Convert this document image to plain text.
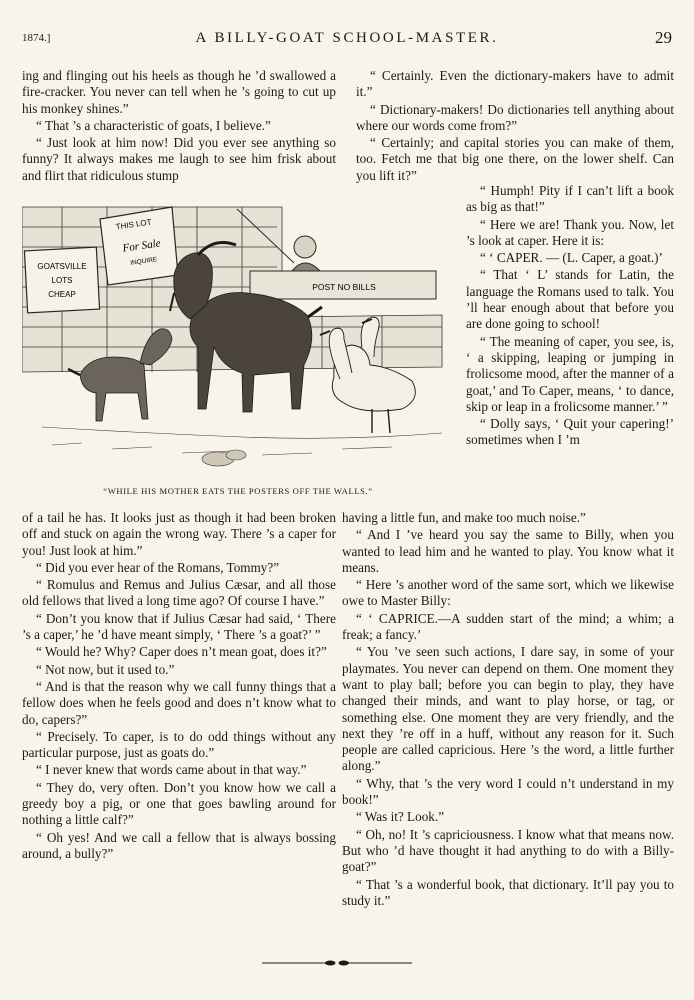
1874.]	A BILLY-GOAT SCHOOL-MASTER.	29

ing and flinging out his heels as though he ’d swallowed a fire-cracker. You never can tell when he ’s going to cut up his monkey shines.”

“ That ’s a characteristic of goats, I believe.”

“ Just look at him now! Did you ever see anything so funny? It always makes me laugh to see him frisk about and flirt that ridiculous stump

“ Certainly. Even the dictionary-makers have to admit it.”

“ Dictionary-makers! Do dictionaries tell anything about where our words come from?”

“ Certainly; and capital stories you can make of them, too. Fetch me that big one there, on the lower shelf. Can you lift it?”

“ Humph! Pity if I can’t lift a book as big as that!”

“ Here we are! Thank you. Now, let ’s look at caper. Here it is:

“ ‘ CAPER. — (L. Caper, a goat.)’

“ That ‘ L’ stands for Latin, the language the Romans used to talk. You ’ll hear enough about that before you are done going to school!

“ The meaning of caper, you see, is, ‘ a skipping, leaping or jumping in frolicsome mood, after the manner of a goat,’ and To Caper, means, ‘ to dance, skip or leap in a frolicsome manner.’ ”

“ Dolly says, ‘ Quit your capering!’ sometimes when I ’m

GOATSVILLE
LOTS
CHEAP
THIS LOT
For Sale
INQUIRE
POST NO BILLS
“WHILE HIS MOTHER EATS THE POSTERS OFF THE WALLS.”

of a tail he has. It looks just as though it had been broken off and stuck on again the wrong way. There ’s a caper for you! Just look at him.”

“ Did you ever hear of the Romans, Tommy?”

“ Romulus and Remus and Julius Cæsar, and all those old fellows that lived a long time ago? Of course I have.”

“ Don’t you know that if Julius Cæsar had said, ‘ There ’s a caper,’ he ’d have meant simply, ‘ There ’s a goat?’ ”

“ Would he? Why? Caper does n’t mean goat, does it?”

“ Not now, but it used to.”

“ And is that the reason why we call funny things that a fellow does when he feels good and does n’t know what to do, capers?”

“ Precisely. To caper, is to do odd things without any particular purpose, just as goats do.”

“ I never knew that words came about in that way.”

“ They do, very often. Don’t you know how we call a greedy boy a pig, or one that goes bawling around for nothing a little calf?”

“ Oh yes! And we call a fellow that is always bossing around, a bully?”

having a little fun, and make too much noise.”

“ And I ’ve heard you say the same to Billy, when you wanted to lead him and he wanted to play. You know what it means.

“ Here ’s another word of the same sort, which we likewise owe to Master Billy:

“ ‘ CAPRICE.—A sudden start of the mind; a whim; a freak; a fancy.’

“ You ’ve seen such actions, I dare say, in some of your playmates. You never can depend on them. One moment they want to play ball; before you can begin to play, they have changed their minds, and want to play horse, or tag, or something else. One moment they are very friendly, and the next they ’re off in a huff, without any reason for it. Such people are called capricious. Here ’s the word, a little further along.”

“ Why, that ’s the very word I could n’t understand in my book!”

“ Was it? Look.”

“ Oh, no! It ’s capriciousness. I know what that means now. But who ’d have thought it had anything to do with a Billy-goat?”

“ That ’s a wonderful book, that dictionary. It’ll pay you to study it.”
